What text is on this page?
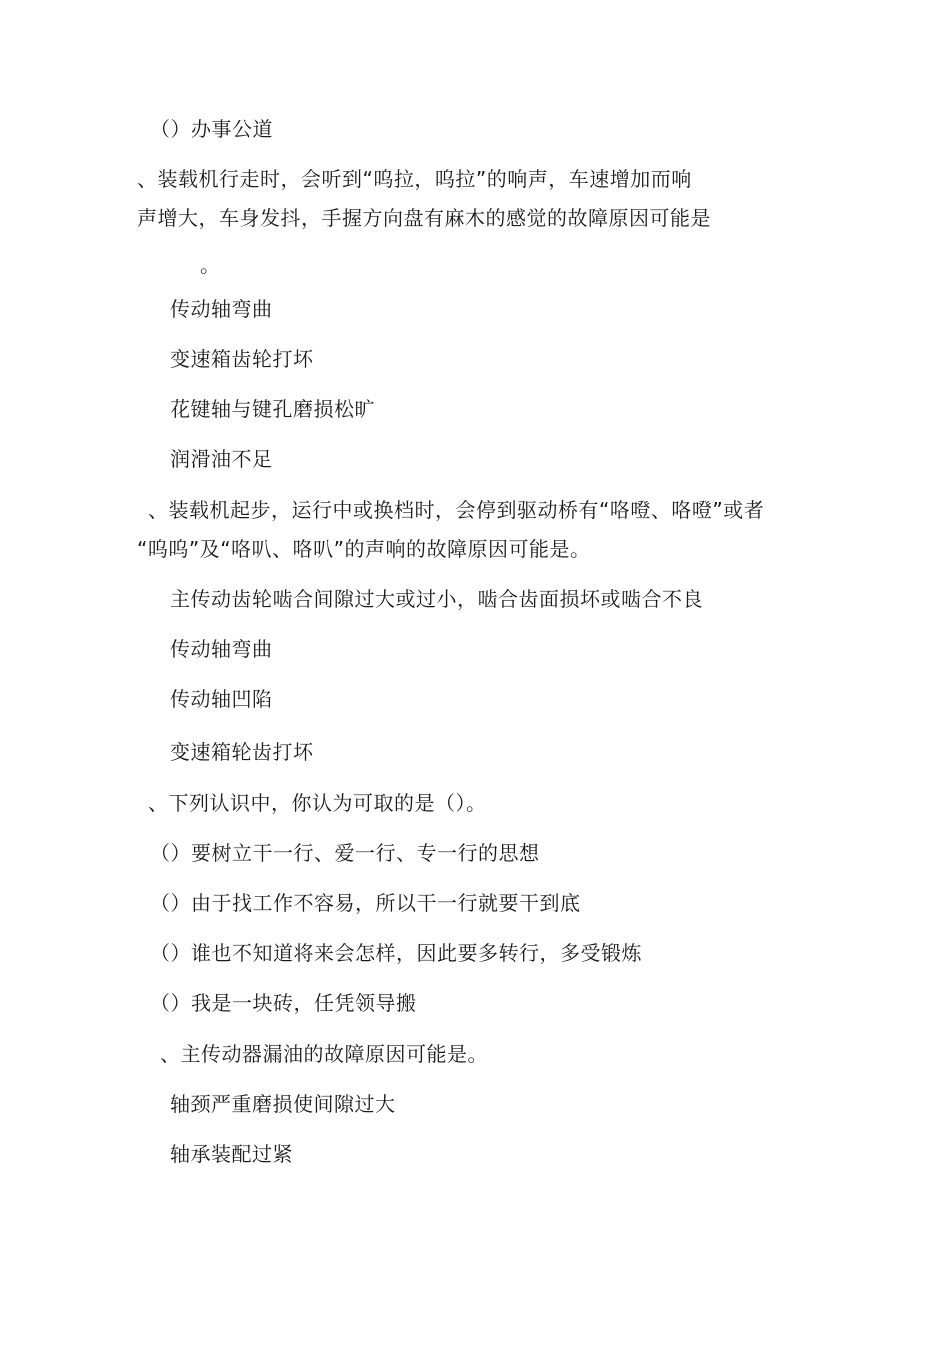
（）办事公道
、装载机行走时，会听到“呜拉，呜拉”的响声，车速增加而响
声增大，车身发抖，手握方向盘有麻木的感觉的故障原因可能是
。
传动轴弯曲
变速箱齿轮打坏
花键轴与键孔磨损松旷
润滑油不足
、装载机起步，运行中或换档时，会停到驱动桥有“咯噔、咯噔”或者
“呜呜”及“咯叭、咯叭”的声响的故障原因可能是。
主传动齿轮啮合间隙过大或过小，啮合齿面损坏或啮合不良
传动轴弯曲
传动轴凹陷
变速箱轮齿打坏
、下列认识中，你认为可取的是（）。
（）要树立干一行、爱一行、专一行的思想
（）由于找工作不容易，所以干一行就要干到底
（）谁也不知道将来会怎样，因此要多转行，多受锻炼
（）我是一块砖，任凭领导搬
、主传动器漏油的故障原因可能是。
轴颈严重磨损使间隙过大
轴承装配过紧
